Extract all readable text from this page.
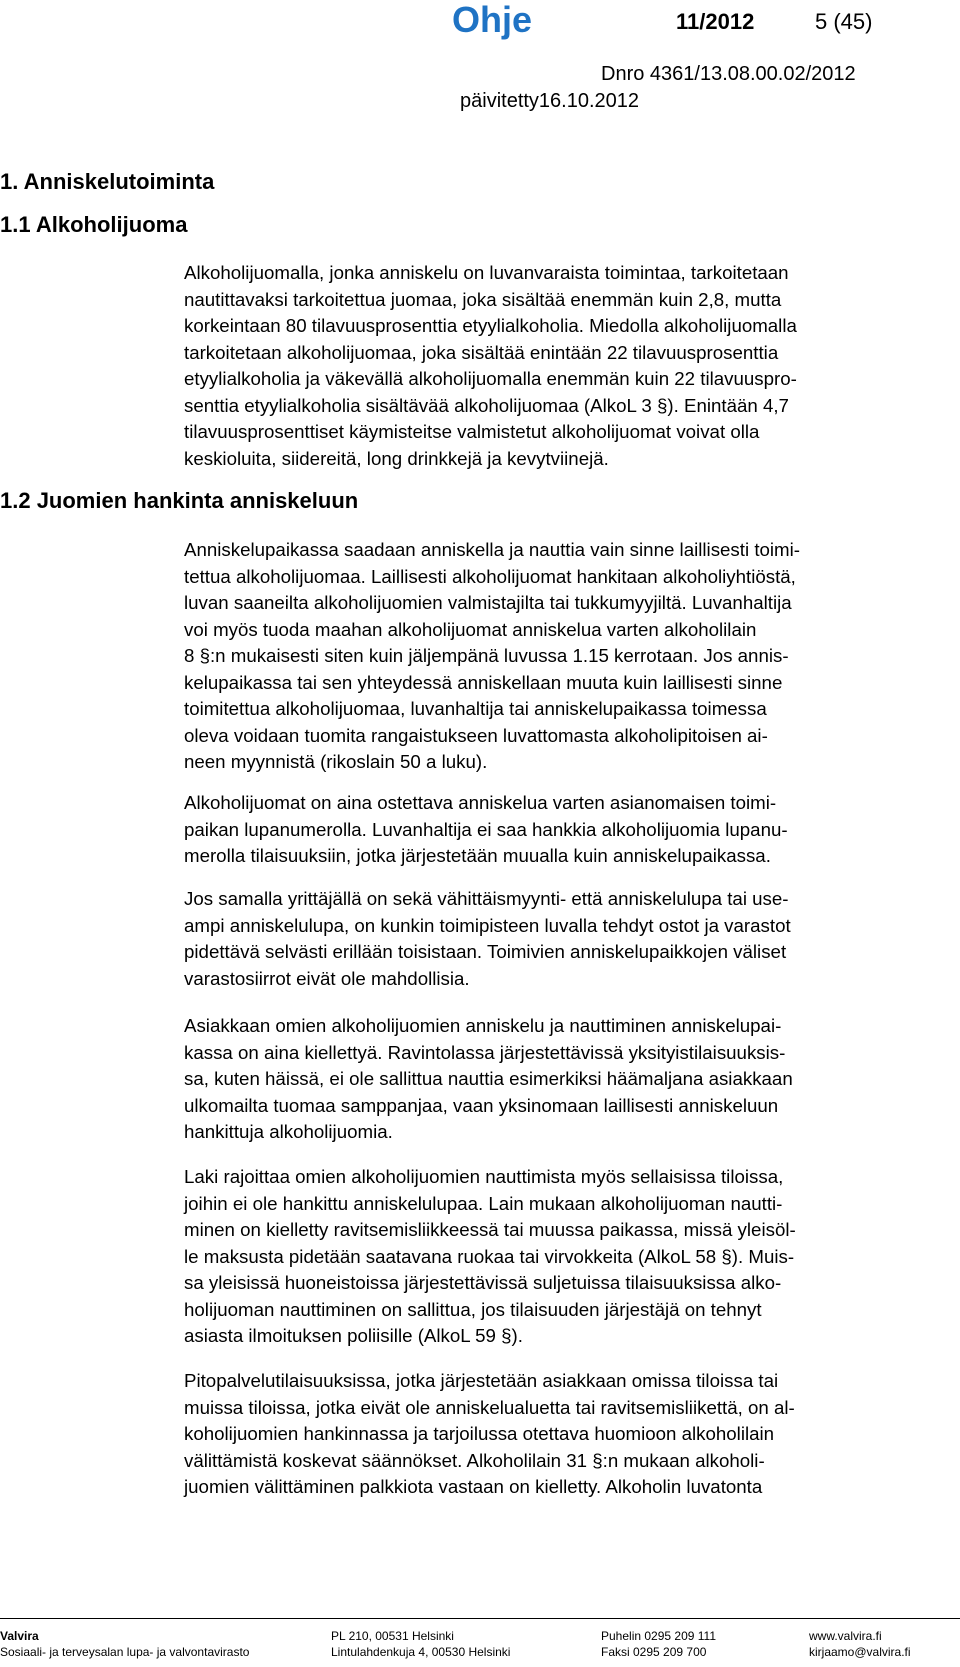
Ohje	11/2012	5 (45)
Dnro 4361/13.08.00.02/2012
päivitetty16.10.2012
1. Anniskelutoiminta
1.1 Alkoholijuoma
Alkoholijuomalla, jonka anniskelu on luvanvaraista toimintaa, tarkoitetaan
nautittavaksi tarkoitettua juomaa, joka sisältää enemmän kuin 2,8, mutta
korkeintaan 80 tilavuusprosenttia etyylialkoholia. Miedolla alkoholijuomalla
tarkoitetaan alkoholijuomaa, joka sisältää enintään 22 tilavuusprosenttia
etyylialkoholia ja väkevällä alkoholijuomalla enemmän kuin 22 tilavuuspro-
senttia etyylialkoholia sisältävää alkoholijuomaa (AlkoL 3 §). Enintään 4,7
tilavuusprosenttiset käymisteitse valmistetut alkoholijuomat voivat olla
keskioluita, siidereitä, long drinkkejä ja kevytviinejä.
1.2 Juomien hankinta anniskeluun
Anniskelupaikassa saadaan anniskella ja nauttia vain sinne laillisesti toimi-
tettua alkoholijuomaa. Laillisesti alkoholijuomat hankitaan alkoholiyhtiöstä,
luvan saaneilta alkoholijuomien valmistajilta tai tukkumyyjiltä. Luvanhaltija
voi myös tuoda maahan alkoholijuomat anniskelua varten alkoholilain
8 §:n mukaisesti siten kuin jäljempänä luvussa 1.15 kerrotaan. Jos annis-
kelupaikassa tai sen yhteydessä anniskellaan muuta kuin laillisesti sinne
toimitettua alkoholijuomaa, luvanhaltija tai anniskelupaikassa toimessa
oleva voidaan tuomita rangaistukseen luvattomasta alkoholipitoisen ai-
neen myynnistä (rikoslain 50 a luku).
Alkoholijuomat on aina ostettava anniskelua varten asianomaisen toimi-
paikan lupanumerolla. Luvanhaltija ei saa hankkia alkoholijuomia lupanu-
merolla tilaisuuksiin, jotka järjestetään muualla kuin anniskelupaikassa.
Jos samalla yrittäjällä on sekä vähittäismyynti- että anniskelulupa tai use-
ampi anniskelulupa, on kunkin toimipisteen luvalla tehdyt ostot ja varastot
pidettävä selvästi erillään toisistaan. Toimivien anniskelupaikkojen väliset
varastosiirrot eivät ole mahdollisia.
Asiakkaan omien alkoholijuomien anniskelu ja nauttiminen anniskelupai-
kassa on aina kiellettyä. Ravintolassa järjestettävissä yksityistilaisuuksis-
sa, kuten häissä, ei ole sallittua nauttia esimerkiksi häämaljana asiakkaan
ulkomailta tuomaa samppanjaa, vaan yksinomaan laillisesti anniskeluun
hankittuja alkoholijuomia.
Laki rajoittaa omien alkoholijuomien nauttimista myös sellaisissa tiloissa,
joihin ei ole hankittu anniskelulupaa. Lain mukaan alkoholijuoman nautti-
minen on kielletty ravitsemisliikkeessä tai muussa paikassa, missä yleisöl-
le maksusta pidetään saatavana ruokaa tai virvokkeita (AlkoL 58 §). Muis-
sa yleisissä huoneistoissa järjestettävissä suljetuissa tilaisuuksissa alko-
holijuoman nauttiminen on sallittua, jos tilaisuuden järjestäjä on tehnyt
asiasta ilmoituksen poliisille (AlkoL 59 §).
Pitopalvelutilaisuuksissa, jotka järjestetään asiakkaan omissa tiloissa tai
muissa tiloissa, jotka eivät ole anniskelualuetta tai ravitsemisliikettä, on al-
koholijuomien hankinnassa ja tarjoilussa otettava huomioon alkoholilain
välittämistä koskevat säännökset. Alkoholilain 31 §:n mukaan alkoholi-
juomien välittäminen palkkiota vastaan on kielletty. Alkoholin luvatonta
Valvira
Sosiaali- ja terveysalan lupa- ja valvontavirasto
PL 210, 00531 Helsinki
Lintulahdenkuja 4, 00530 Helsinki
Puhelin 0295 209 111
Faksi 0295 209 700
www.valvira.fi
kirjaamo@valvira.fi
